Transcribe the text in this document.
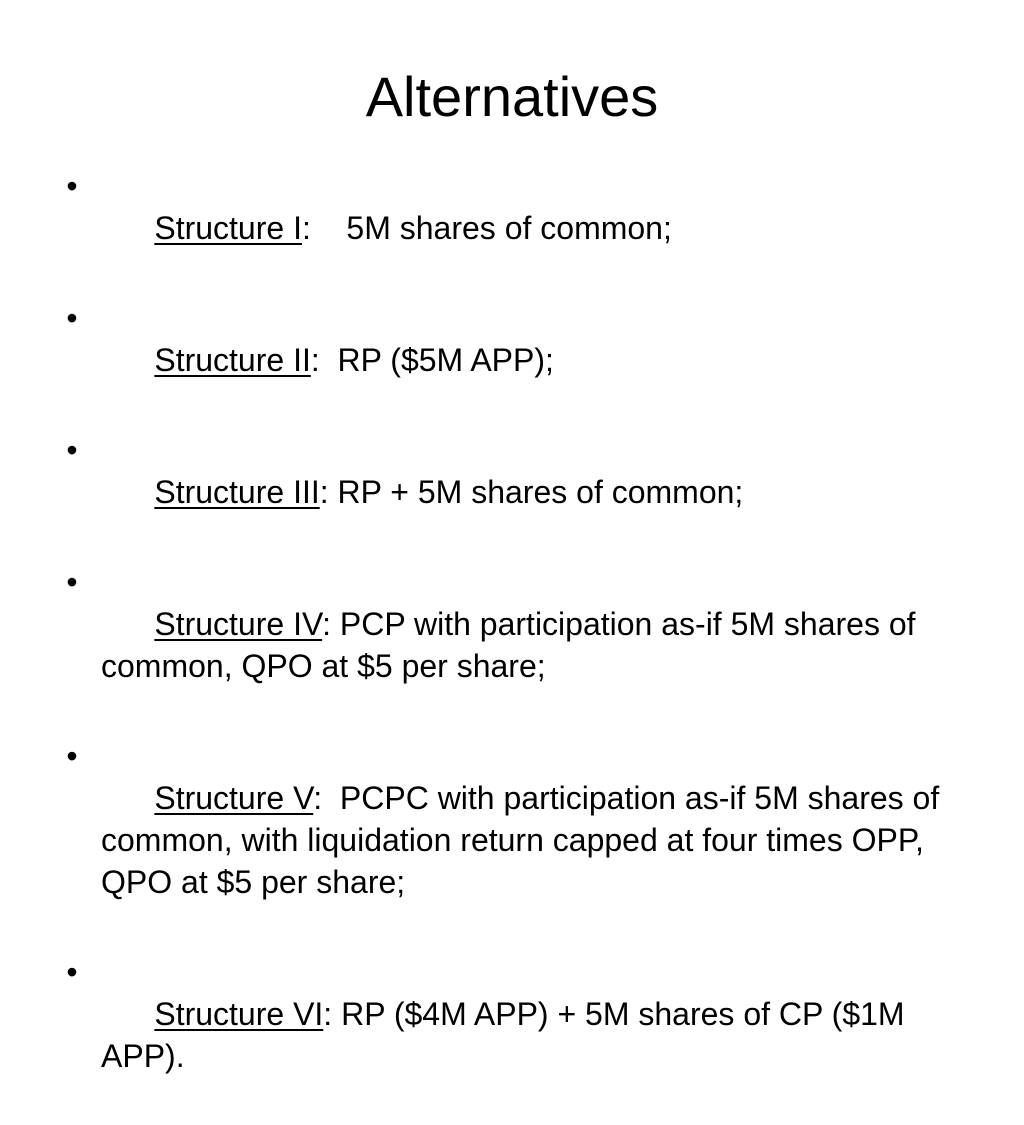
Alternatives

•
Structure I:    5M shares of common;

•
Structure II:  RP ($5M APP);

•
Structure III: RP + 5M shares of common;

•
Structure IV: PCP with participation as-if 5M shares of common, QPO at $5 per share;

•
Structure V:  PCPC with participation as-if 5M shares of common, with liquidation return capped at four times OPP, QPO at $5 per share;

•
Structure VI: RP ($4M APP) + 5M shares of CP ($1M APP).
